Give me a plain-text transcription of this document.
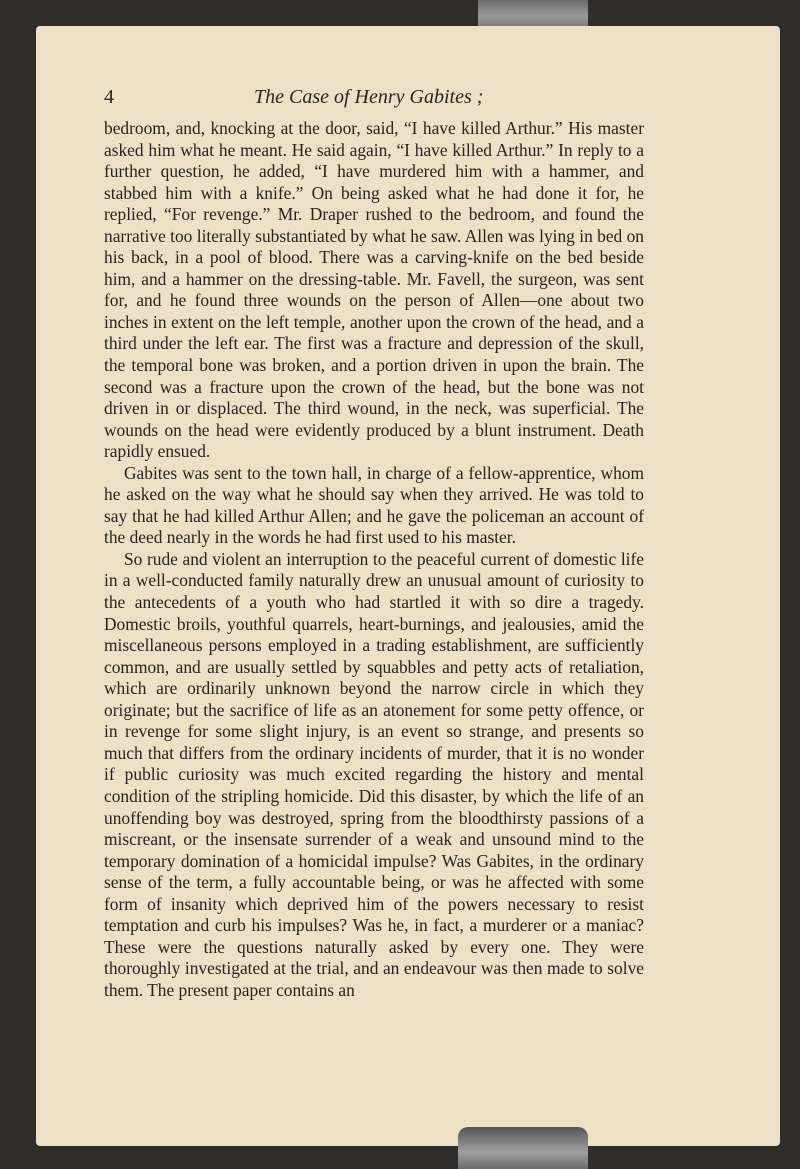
4	The Case of Henry Gabites ;

bedroom, and, knocking at the door, said, “I have killed Arthur.” His master asked him what he meant. He said again, “I have killed Arthur.” In reply to a further question, he added, “I have murdered him with a hammer, and stabbed him with a knife.” On being asked what he had done it for, he replied, “For revenge.” Mr. Draper rushed to the bedroom, and found the narrative too literally substantiated by what he saw. Allen was lying in bed on his back, in a pool of blood. There was a carving-knife on the bed beside him, and a hammer on the dressing-table. Mr. Favell, the surgeon, was sent for, and he found three wounds on the person of Allen—one about two inches in extent on the left temple, another upon the crown of the head, and a third under the left ear. The first was a fracture and depression of the skull, the temporal bone was broken, and a portion driven in upon the brain. The second was a fracture upon the crown of the head, but the bone was not driven in or displaced. The third wound, in the neck, was superficial. The wounds on the head were evidently produced by a blunt instrument. Death rapidly ensued.

Gabites was sent to the town hall, in charge of a fellow-apprentice, whom he asked on the way what he should say when they arrived. He was told to say that he had killed Arthur Allen; and he gave the policeman an account of the deed nearly in the words he had first used to his master.

So rude and violent an interruption to the peaceful current of domestic life in a well-conducted family naturally drew an unusual amount of curiosity to the antecedents of a youth who had startled it with so dire a tragedy. Domestic broils, youthful quarrels, heart-burnings, and jealousies, amid the miscellaneous persons employed in a trading establishment, are sufficiently common, and are usually settled by squabbles and petty acts of retaliation, which are ordinarily unknown beyond the narrow circle in which they originate; but the sacrifice of life as an atonement for some petty offence, or in revenge for some slight injury, is an event so strange, and presents so much that differs from the ordinary incidents of murder, that it is no wonder if public curiosity was much excited regarding the history and mental condition of the stripling homicide. Did this disaster, by which the life of an unoffending boy was destroyed, spring from the bloodthirsty passions of a miscreant, or the insensate surrender of a weak and unsound mind to the temporary domination of a homicidal impulse? Was Gabites, in the ordinary sense of the term, a fully accountable being, or was he affected with some form of insanity which deprived him of the powers necessary to resist temptation and curb his impulses? Was he, in fact, a murderer or a maniac? These were the questions naturally asked by every one. They were thoroughly investigated at the trial, and an endeavour was then made to solve them. The present paper contains an
